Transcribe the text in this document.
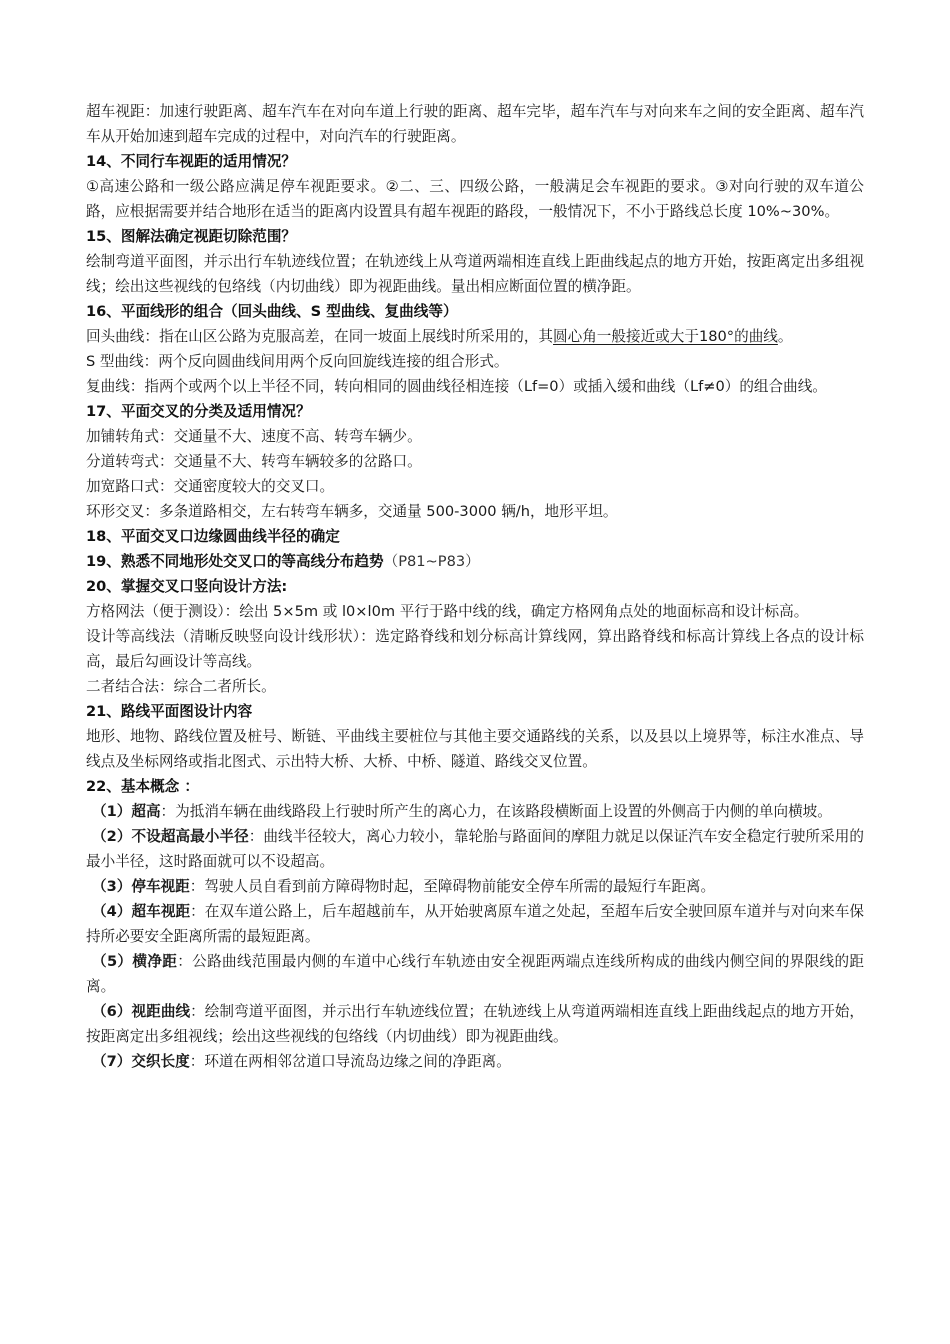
超车视距：加速行驶距离、超车汽车在对向车道上行驶的距离、超车完毕，超车汽车与对向来车之间的安全距离、超车汽车从开始加速到超车完成的过程中，对向汽车的行驶距离。

14、不同行车视距的适用情况？

①高速公路和一级公路应满足停车视距要求。②二、三、四级公路，一般满足会车视距的要求。③对向行驶的双车道公路，应根据需要并结合地形在适当的距离内设置具有超车视距的路段，一般情况下，不小于路线总长度 10%~30%。

15、图解法确定视距切除范围？

绘制弯道平面图，并示出行车轨迹线位置；在轨迹线上从弯道两端相连直线上距曲线起点的地方开始，按距离定出多组视线；绘出这些视线的包络线（内切曲线）即为视距曲线。量出相应断面位置的横净距。

16、平面线形的组合（回头曲线、S 型曲线、复曲线等）

回头曲线：指在山区公路为克服高差，在同一坡面上展线时所采用的，其圆心角一般接近或大于180°的曲线。

S 型曲线：两个反向圆曲线间用两个反向回旋线连接的组合形式。

复曲线：指两个或两个以上半径不同，转向相同的圆曲线径相连接（Lf=0）或插入缓和曲线（Lf≠0）的组合曲线。

17、平面交叉的分类及适用情况？

加铺转角式：交通量不大、速度不高、转弯车辆少。

分道转弯式：交通量不大、转弯车辆较多的岔路口。

加宽路口式：交通密度较大的交叉口。

环形交叉：多条道路相交，左右转弯车辆多，交通量 500-3000 辆/h，地形平坦。

18、平面交叉口边缘圆曲线半径的确定

19、熟悉不同地形处交叉口的等高线分布趋势（P81~P83）

20、掌握交叉口竖向设计方法:

方格网法（便于测设）：绘出 5×5m 或 l0×l0m 平行于路中线的线，确定方格网角点处的地面标高和设计标高。

设计等高线法（清晰反映竖向设计线形状）：选定路脊线和划分标高计算线网，算出路脊线和标高计算线上各点的设计标高，最后勾画设计等高线。

二者结合法：综合二者所长。

21、路线平面图设计内容

地形、地物、路线位置及桩号、断链、平曲线主要桩位与其他主要交通路线的关系，以及县以上境界等，标注水准点、导线点及坐标网络或指北图式、示出特大桥、大桥、中桥、隧道、路线交叉位置。

22、基本概念 ：

（1）超高：为抵消车辆在曲线路段上行驶时所产生的离心力，在该路段横断面上设置的外侧高于内侧的单向横坡。

（2）不设超高最小半径：曲线半径较大，离心力较小，靠轮胎与路面间的摩阻力就足以保证汽车安全稳定行驶所采用的最小半径，这时路面就可以不设超高。

（3）停车视距：驾驶人员自看到前方障碍物时起，至障碍物前能安全停车所需的最短行车距离。

（4）超车视距：在双车道公路上，后车超越前车，从开始驶离原车道之处起，至超车后安全驶回原车道并与对向来车保持所必要安全距离所需的最短距离。

（5）横净距：公路曲线范围最内侧的车道中心线行车轨迹由安全视距两端点连线所构成的曲线内侧空间的界限线的距离。

（6）视距曲线：绘制弯道平面图，并示出行车轨迹线位置；在轨迹线上从弯道两端相连直线上距曲线起点的地方开始，按距离定出多组视线；绘出这些视线的包络线（内切曲线）即为视距曲线。

（7）交织长度：环道在两相邻岔道口导流岛边缘之间的净距离。
